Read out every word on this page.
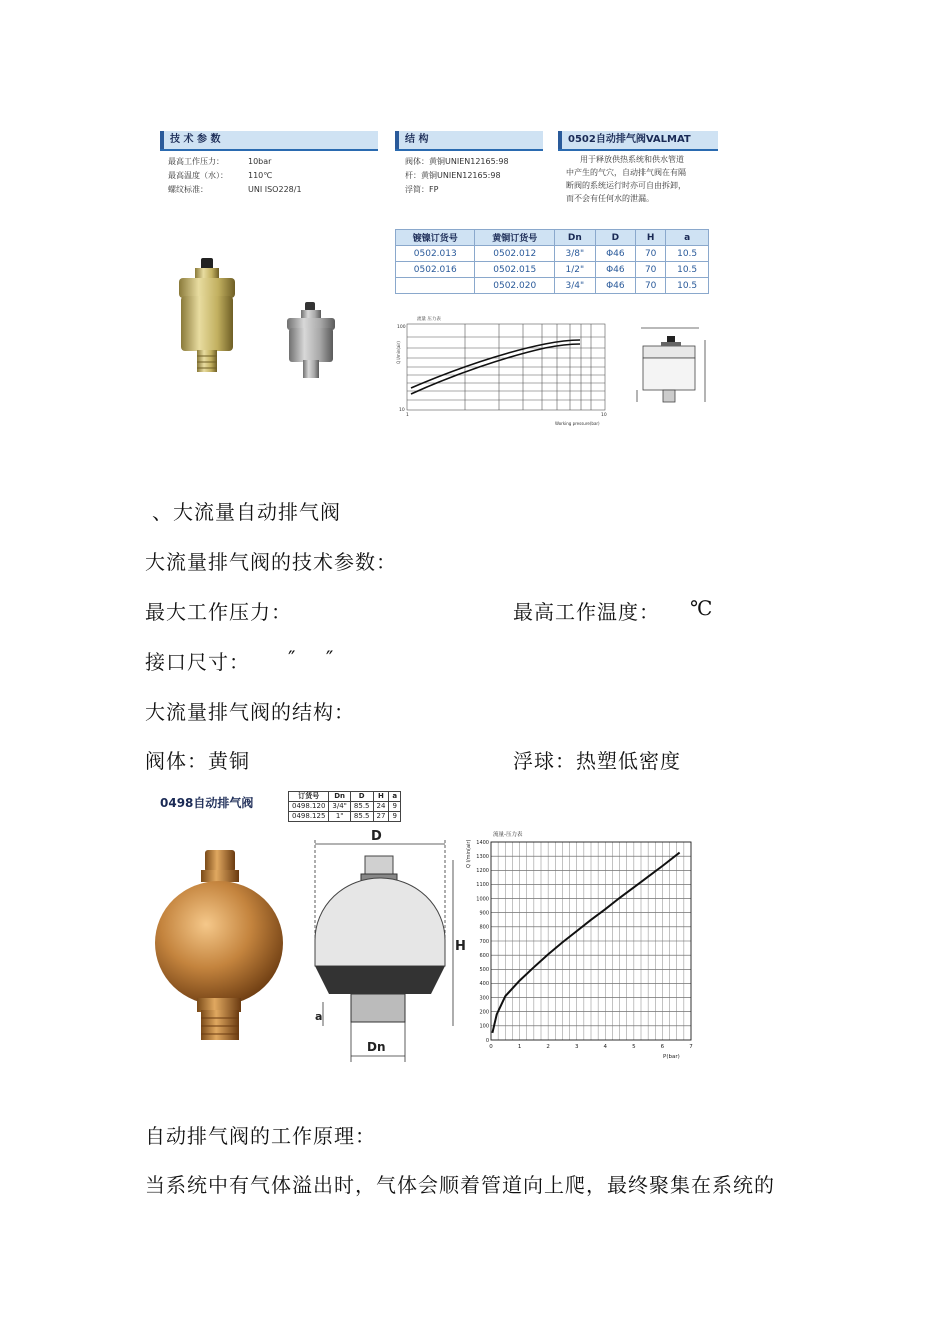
技 术 参 数
最高工作压力：	10bar
最高温度（水）：	110℃
螺纹标准：	UNI ISO228/1
结 构
阀体：黄铜UNIEN12165:98
杆：黄铜UNIEN12165:98
浮简：FP
0502自动排气阀VALMAT
用于释放供热系统和供水管道
中产生的气穴，自动排气阀在有隔
断阀的系统运行时亦可自由拆卸，
而不会有任何水的泄漏。
镀镍订货号	黄铜订货号	Dn	D	H	a
0502.013	0502.012	3/8"	Φ46	70	10.5
0502.016	0502.015	1/2"	Φ46	70	10.5
	0502.020	3/4"	Φ46	70	10.5
流量 压力表
Q l/min(air)
100
10
1	10
Working pressure(bar)
、大流量自动排气阀
大流量排气阀的技术参数：
最大工作压力：	最高工作温度： ℃
接口尺寸： ″    ″
大流量排气阀的结构：
阀体：黄铜	浮球：热塑低密度
0498自动排气阀	订货号	Dn	D	H	a
0498.120	3/4"	85.5	24	9
0498.125	1"	85.5	27	9
D
H
a
Dn
流量-压力表
Q l/min(air)
P(bar)
0
100
200
300
400
500
600
700
800
900
1000
1100
1200
1300
1400
0	1	2	3	4	5	6	7
自动排气阀的工作原理：
当系统中有气体溢出时，气体会顺着管道向上爬，最终聚集在系统的
